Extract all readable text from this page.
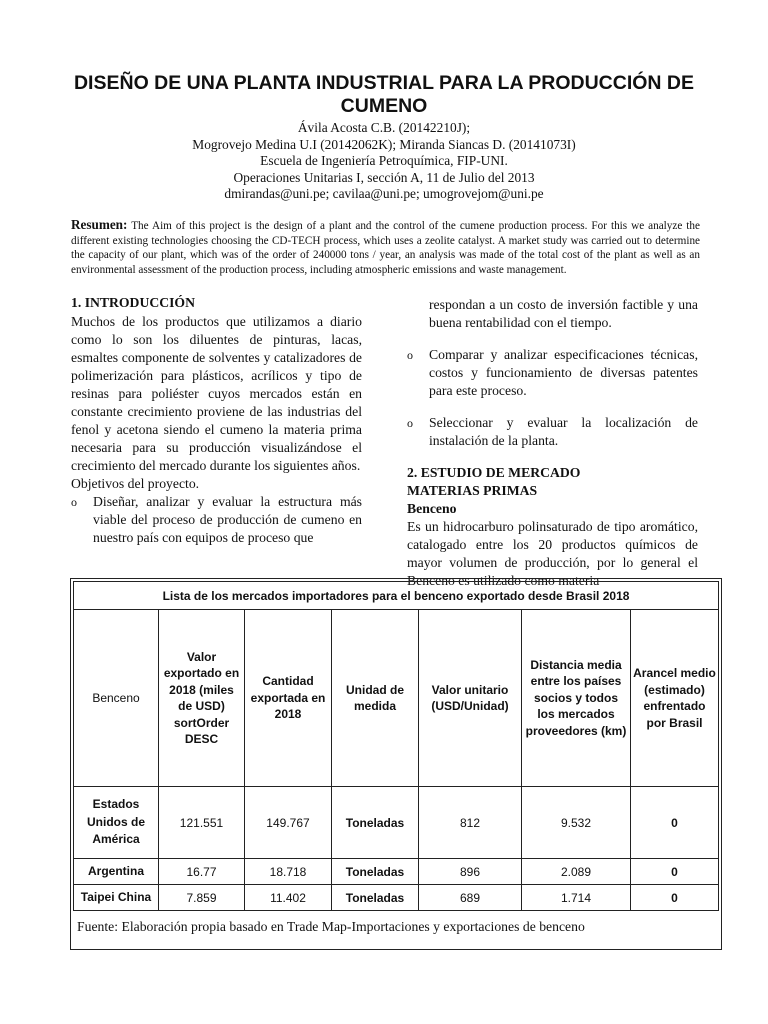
DISEÑO DE UNA PLANTA INDUSTRIAL PARA LA PRODUCCIÓN DE CUMENO
Ávila Acosta C.B. (20142210J);
Mogrovejo Medina U.I (20142062K); Miranda Siancas D. (20141073I)
Escuela de Ingeniería Petroquímica, FIP-UNI.
Operaciones Unitarias I, sección A, 11 de Julio del 2013
dmirandas@uni.pe; cavilaa@uni.pe; umogrovejom@uni.pe
Resumen: The Aim of this project is the design of a plant and the control of the cumene production process. For this we analyze the different existing technologies choosing the CD-TECH process, which uses a zeolite catalyst. A market study was carried out to determine the capacity of our plant, which was of the order of 240000 tons / year, an analysis was made of the total cost of the plant as well as an environmental assessment of the production process, including atmospheric emissions and waste management.
1. INTRODUCCIÓN

Muchos de los productos que utilizamos a diario como lo son los diluentes de pinturas, lacas, esmaltes componente de solventes y catalizadores de polimerización para plásticos, acrílicos y tipo de resinas para poliéster cuyos mercados están en constante crecimiento proviene de las industrias del fenol y acetona siendo el cumeno la materia prima necesaria para su producción visualizándose el crecimiento del mercado durante los siguientes años.

Objetivos del proyecto.

o Diseñar, analizar y evaluar la estructura más viable del proceso de producción de cumeno en nuestro país con equipos de proceso que
respondan a un costo de inversión factible y una buena rentabilidad con el tiempo.
o Comparar y analizar especificaciones técnicas, costos y funcionamiento de diversas patentes para este proceso.
o Seleccionar y evaluar la localización de instalación de la planta.
2. ESTUDIO DE MERCADO
MATERIAS PRIMAS
Benceno

Es un hidrocarburo polinsaturado de tipo aromático, catalogado entre los 20 productos químicos de mayor volumen de producción, por lo general el Benceno es utilizado como materia

Lista de los mercados importadores para el benceno exportado desde Brasil 2018						
Benceno	Valor exportado en 2018 (miles de USD) sortOrder DESC	Cantidad exportada en 2018	Unidad de medida	Valor unitario (USD/Unidad)	Distancia media entre los países socios y todos los mercados proveedores (km)	Arancel medio (estimado) enfrentado por Brasil
Estados Unidos de América	121.551	149.767	Toneladas	812	9.532	0
Argentina	16.77	18.718	Toneladas	896	2.089	0
Taipei China	7.859	11.402	Toneladas	689	1.714	0
Fuente: Elaboración propia basado en Trade Map-Importaciones y exportaciones de benceno
